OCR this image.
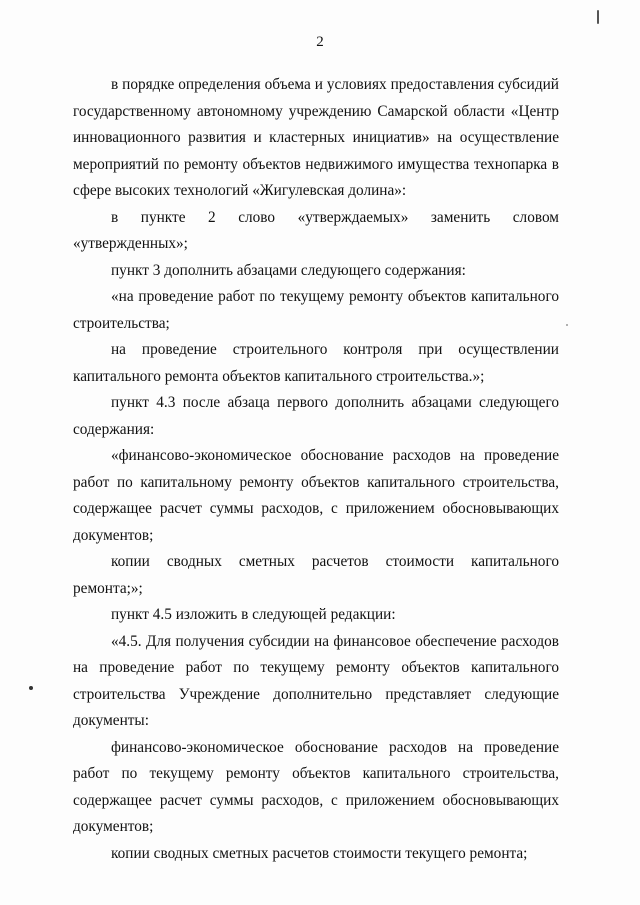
2

в порядке определения объема и условиях предоставления субсидий государственному автономному учреждению Самарской области «Центр инновационного развития и кластерных инициатив» на осуществление мероприятий по ремонту объектов недвижимого имущества технопарка в сфере высоких технологий «Жигулевская долина»:

в пункте 2 слово «утверждаемых» заменить словом «утвержденных»;

пункт 3 дополнить абзацами следующего содержания:

«на проведение работ по текущему ремонту объектов капитального строительства;

на проведение строительного контроля при осуществлении капитального ремонта объектов капитального строительства.»;

пункт 4.3 после абзаца первого дополнить абзацами следующего содержания:

«финансово-экономическое обоснование расходов на проведение работ по капитальному ремонту объектов капитального строительства, содержащее расчет суммы расходов, с приложением обосновывающих документов;

копии сводных сметных расчетов стоимости капитального ремонта;»;

пункт 4.5 изложить в следующей редакции:

«4.5. Для получения субсидии на финансовое обеспечение расходов на проведение работ по текущему ремонту объектов капитального строительства Учреждение дополнительно представляет следующие документы:

финансово-экономическое обоснование расходов на проведение работ по текущему ремонту объектов капитального строительства, содержащее расчет суммы расходов, с приложением обосновывающих документов;

копии сводных сметных расчетов стоимости текущего ремонта;
